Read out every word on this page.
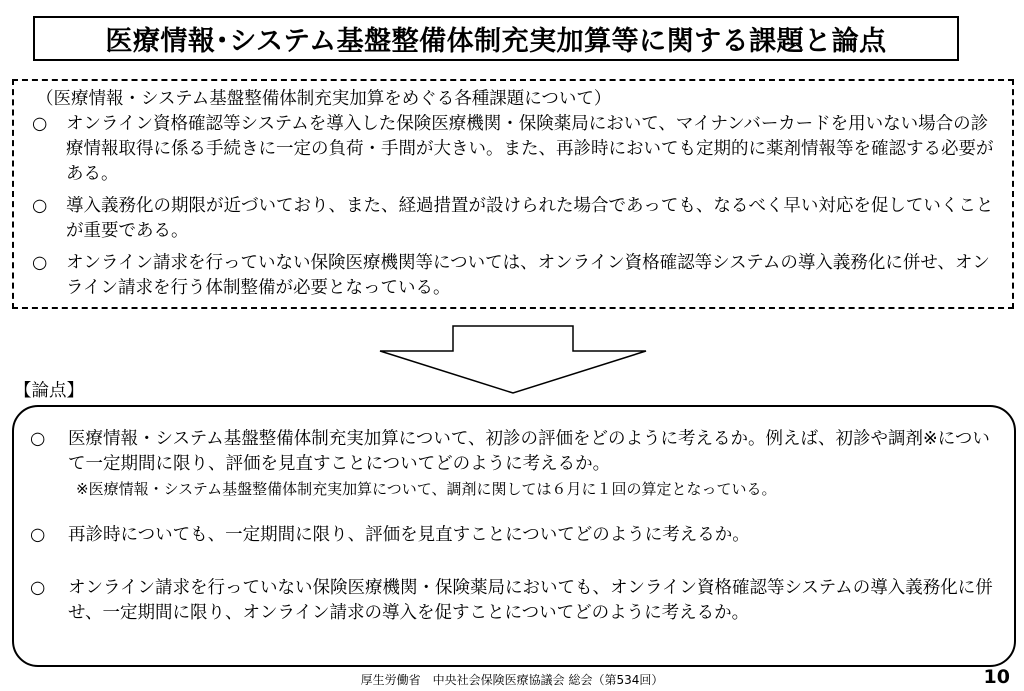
医療情報･システム基盤整備体制充実加算等に関する課題と論点
（医療情報・システム基盤整備体制充実加算をめぐる各種課題について）
○	オンライン資格確認等システムを導入した保険医療機関・保険薬局において、マイナンバーカードを用いない場合の診療情報取得に係る手続きに一定の負荷・手間が大きい。また、再診時においても定期的に薬剤情報等を確認する必要がある。
○	導入義務化の期限が近づいており、また、経過措置が設けられた場合であっても、なるべく早い対応を促していくことが重要である。
○	オンライン請求を行っていない保険医療機関等については、オンライン資格確認等システムの導入義務化に併せ、オンライン請求を行う体制整備が必要となっている。
【論点】
○	医療情報・システム基盤整備体制充実加算について、初診の評価をどのように考えるか。例えば、初診や調剤※について一定期間に限り、評価を見直すことについてどのように考えるか。
※医療情報・システム基盤整備体制充実加算について、調剤に関しては６月に１回の算定となっている。
○	再診時についても、一定期間に限り、評価を見直すことについてどのように考えるか。
○	オンライン請求を行っていない保険医療機関・保険薬局においても、オンライン資格確認等システムの導入義務化に併せ、一定期間に限り、オンライン請求の導入を促すことについてどのように考えるか。
厚生労働省　中央社会保険医療協議会 総会（第534回）	10
